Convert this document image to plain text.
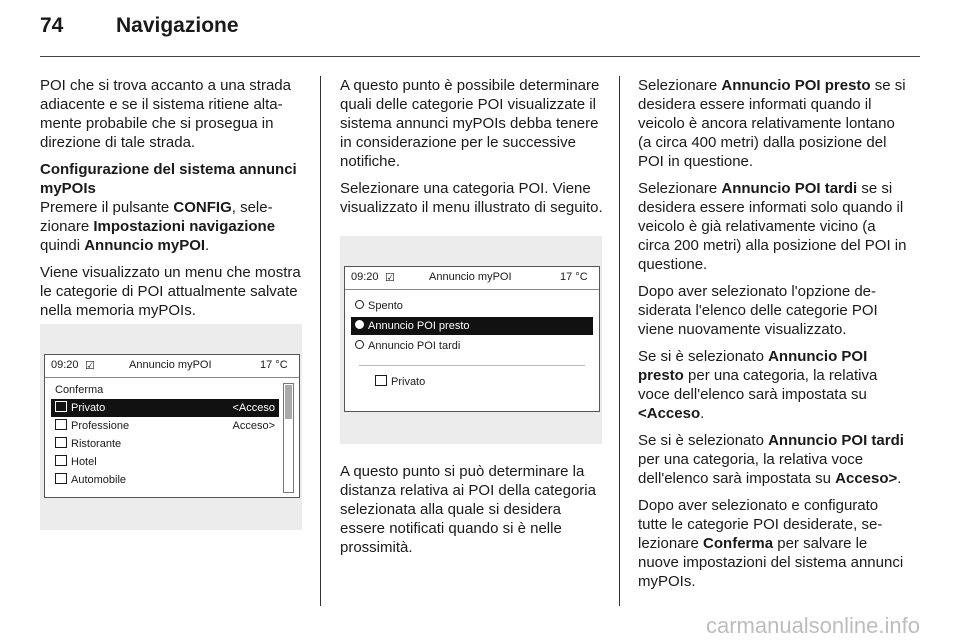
74	Navigazione

POI che si trova accanto a una strada adiacente e se il sistema ritiene altamente probabile che si prosegua in direzione di tale strada.

Configurazione del sistema annunci myPOIs

Premere il pulsante CONFIG, selezionare Impostazioni navigazione quindi Annuncio myPOI.

Viene visualizzato un menu che mostra le categorie di POI attualmente salvate nella memoria myPOIs.

09:20 ☑	Annuncio myPOI	17 °C
Conferma
Privato	<Acceso
Professione	Acceso>
Ristorante
Hotel
Automobile

A questo punto è possibile determinare quali delle categorie POI visualizzate il sistema annunci myPOIs debba tenere in considerazione per le successive notifiche.

Selezionare una categoria POI. Viene visualizzato il menu illustrato di seguito.

09:20 ☑	Annuncio myPOI	17 °C
Spento
Annuncio POI presto
Annuncio POI tardi
Privato

A questo punto si può determinare la distanza relativa ai POI della categoria selezionata alla quale si desidera essere notificati quando si è nelle prossimità.

Selezionare Annuncio POI presto se si desidera essere informati quando il veicolo è ancora relativamente lontano (a circa 400 metri) dalla posizione del POI in questione.

Selezionare Annuncio POI tardi se si desidera essere informati solo quando il veicolo è già relativamente vicino (a circa 200 metri) alla posizione del POI in questione.

Dopo aver selezionato l'opzione desiderata l'elenco delle categorie POI viene nuovamente visualizzato.

Se si è selezionato Annuncio POI presto per una categoria, la relativa voce dell'elenco sarà impostata su <Acceso.

Se si è selezionato Annuncio POI tardi per una categoria, la relativa voce dell'elenco sarà impostata su Acceso>.

Dopo aver selezionato e configurato tutte le categorie POI desiderate, selezionare Conferma per salvare le nuove impostazioni del sistema annunci myPOIs.

carmanualsonline.info
